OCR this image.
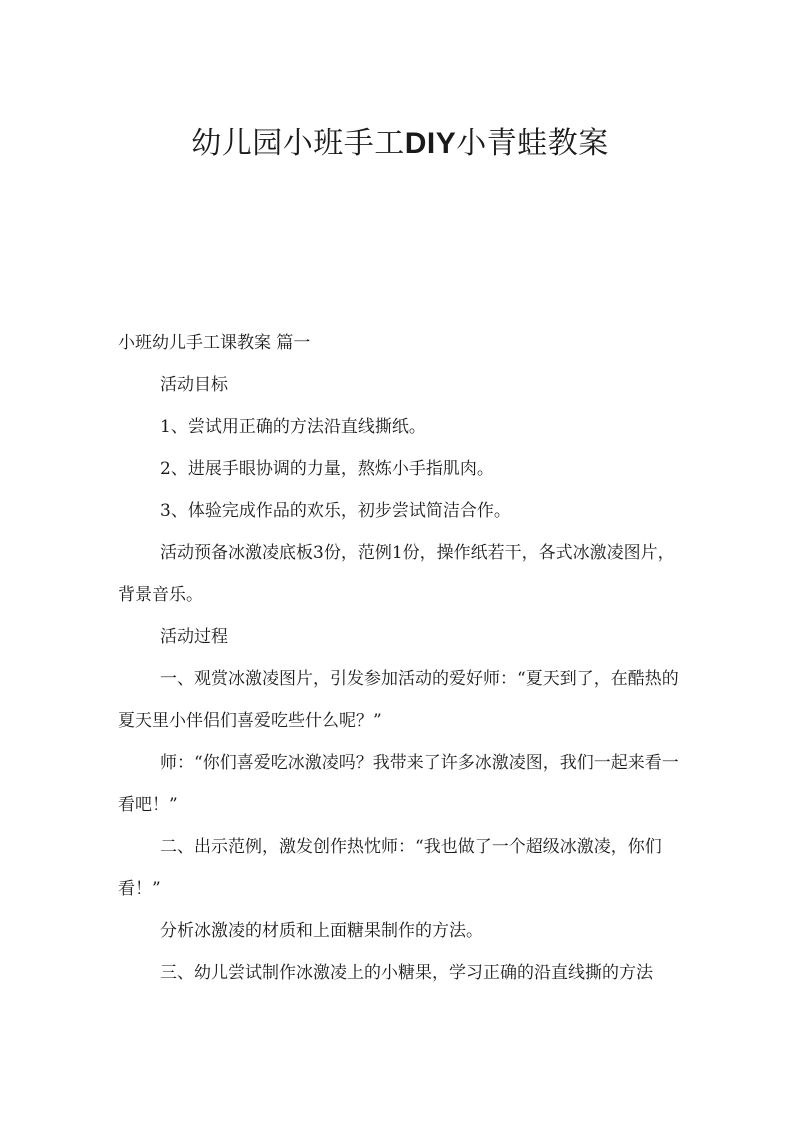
幼儿园小班手工DIY小青蛙教案

小班幼儿手工课教案 篇一

活动目标

1、尝试用正确的方法沿直线撕纸。

2、进展手眼协调的力量，熬炼小手指肌肉。

3、体验完成作品的欢乐，初步尝试简洁合作。

活动预备冰激凌底板3份，范例1份，操作纸若干，各式冰激凌图片，背景音乐。

活动过程

一、观赏冰激凌图片，引发参加活动的爱好师：“夏天到了，在酷热的夏天里小伴侣们喜爱吃些什么呢？”

师：“你们喜爱吃冰激凌吗？我带来了许多冰激凌图，我们一起来看一看吧！”

二、出示范例，激发创作热忱师：“我也做了一个超级冰激凌，你们看！”

分析冰激凌的材质和上面糖果制作的方法。

三、幼儿尝试制作冰激凌上的小糖果，学习正确的沿直线撕的方法
